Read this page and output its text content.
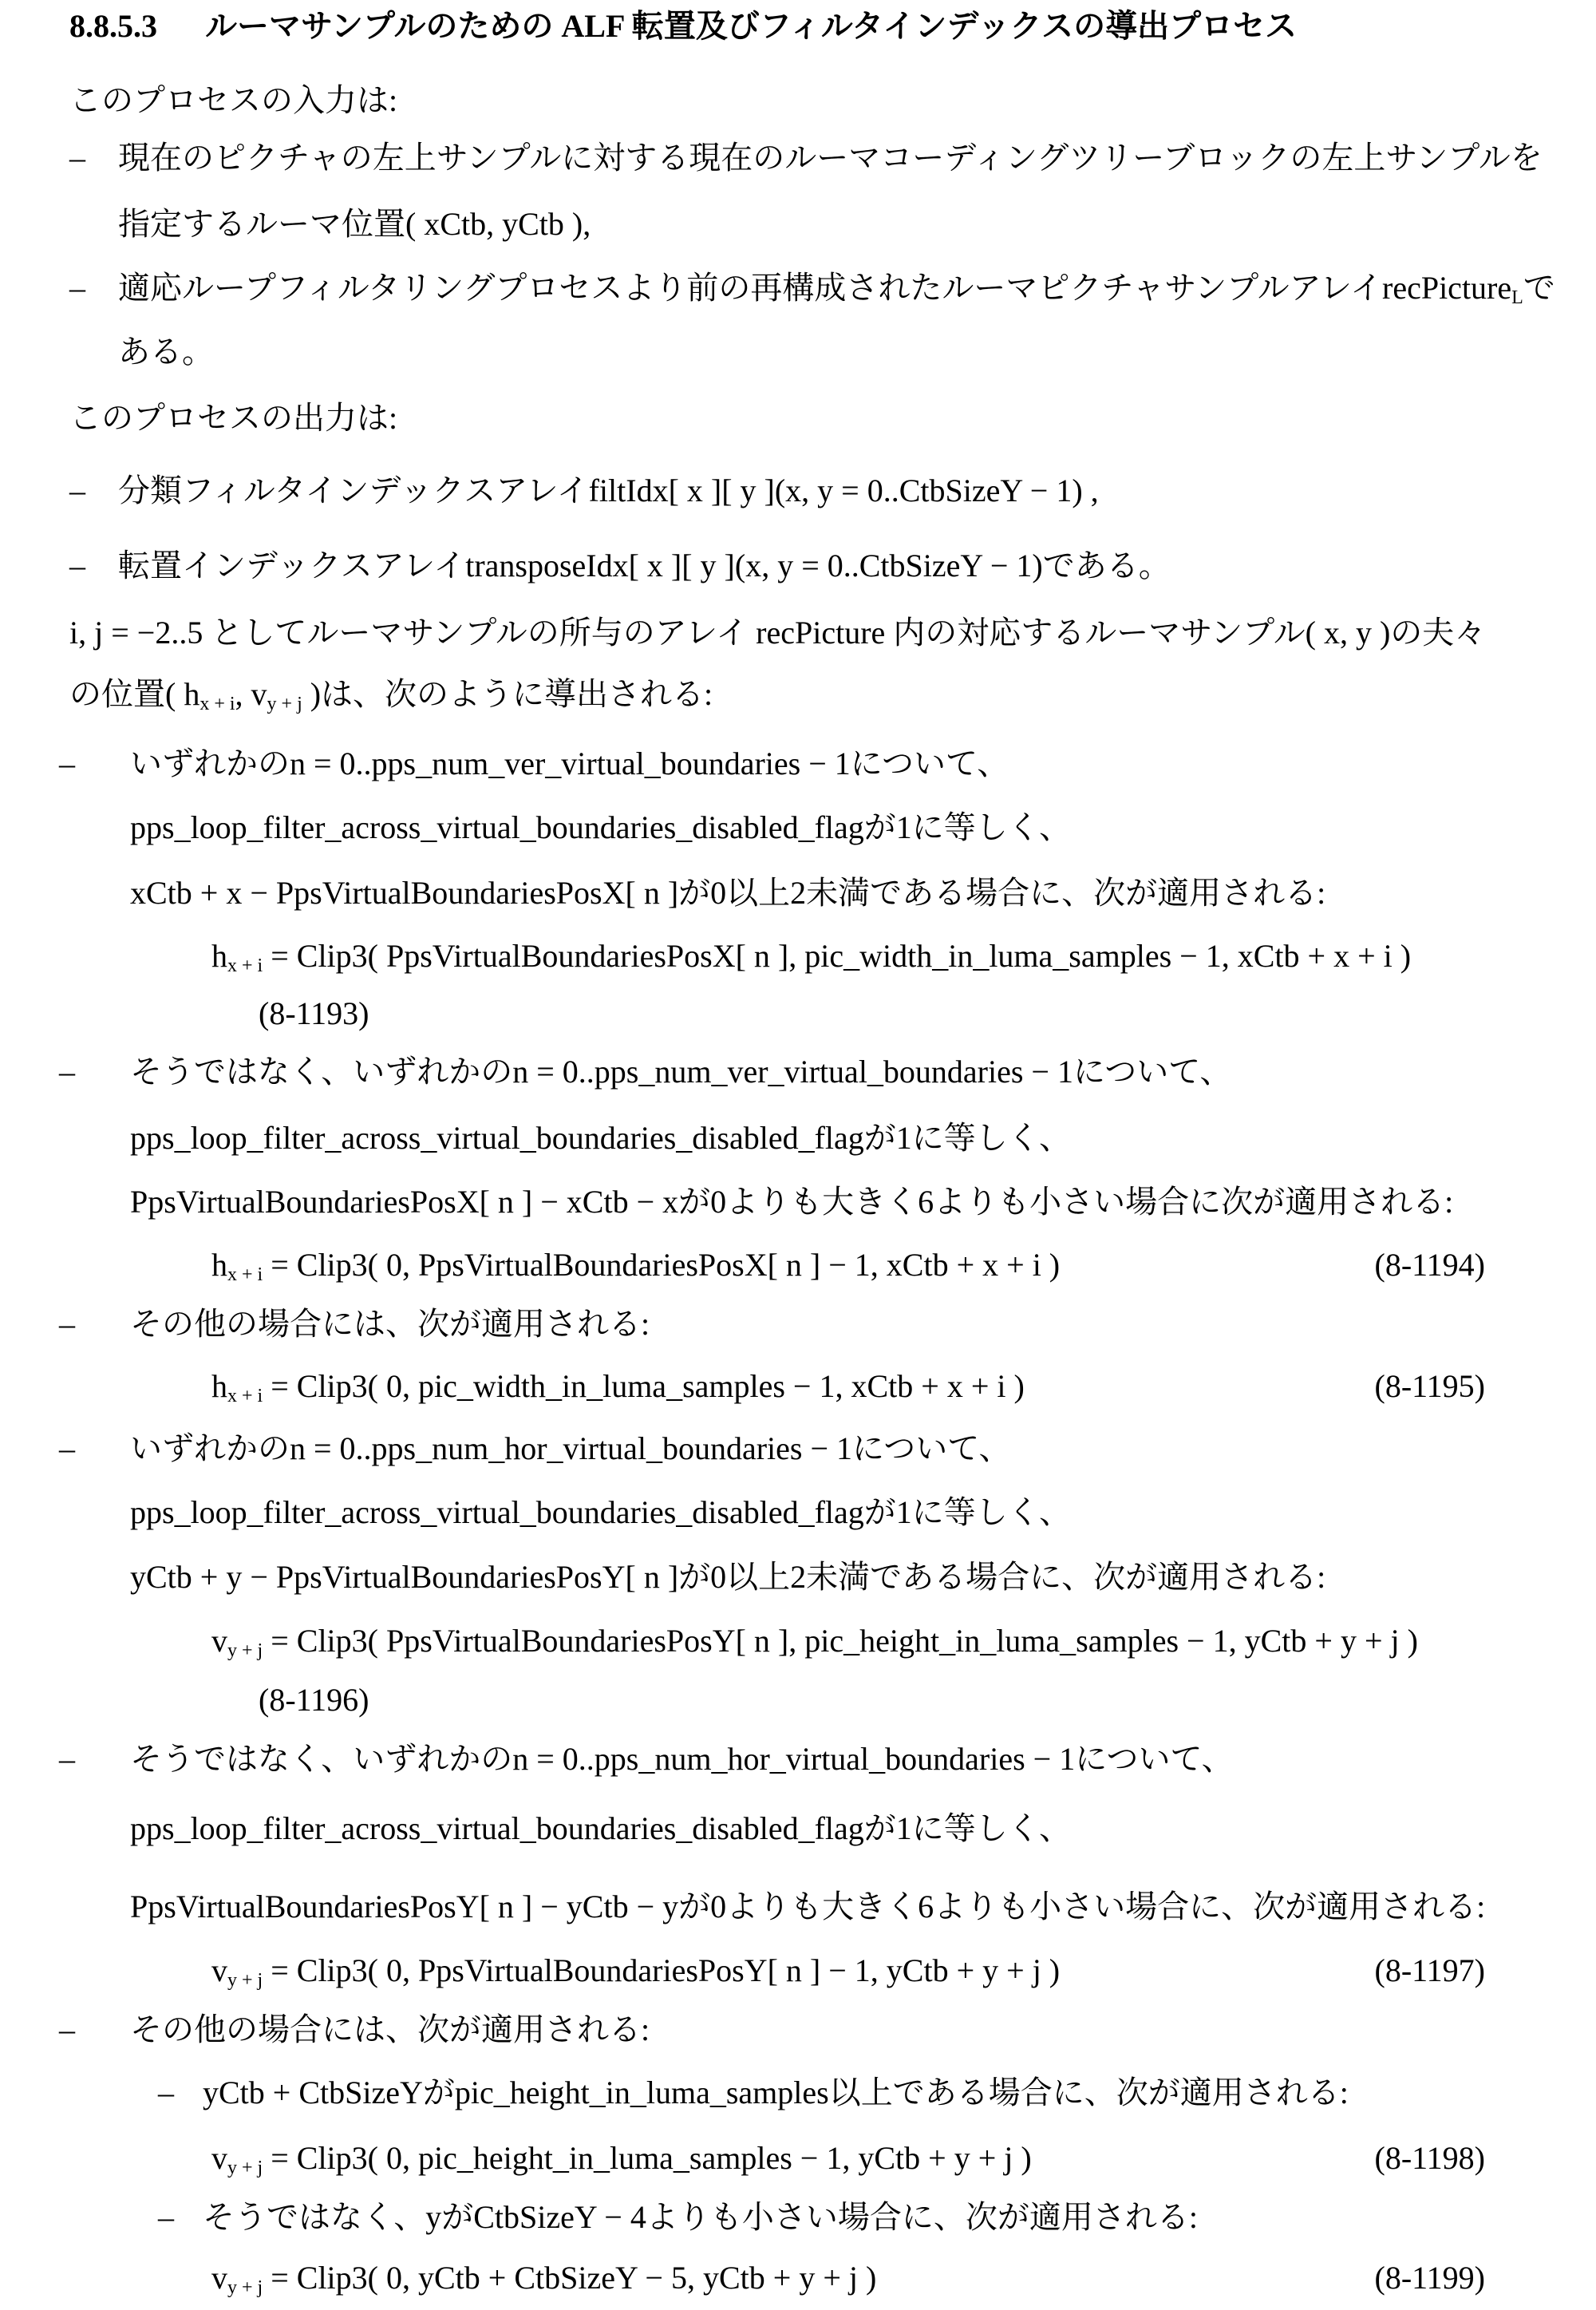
8.8.5.3 ルーマサンプルのための ALF 転置及びフィルタインデックスの導出プロセス
このプロセスの入力は:
– 現在のピクチャの左上サンプルに対する現在のルーマコーディングツリーブロックの左上サンプルを
指定するルーマ位置( xCtb, yCtb ),
– 適応ループフィルタリングプロセスより前の再構成されたルーマピクチャサンプルアレイrecPictureLで
ある。
このプロセスの出力は:
– 分類フィルタインデックスアレイfiltIdx[ x ][ y ](x, y = 0..CtbSizeY − 1) ,
– 転置インデックスアレイtransposeIdx[ x ][ y ](x, y = 0..CtbSizeY − 1)である。
i, j = −2..5 としてルーマサンプルの所与のアレイ recPicture 内の対応するルーマサンプル( x, y )の夫々
の位置( hx + i, vy + j )は、次のように導出される:
– いずれかのn = 0..pps_num_ver_virtual_boundaries − 1について、
pps_loop_filter_across_virtual_boundaries_disabled_flagが1に等しく、
xCtb + x − PpsVirtualBoundariesPosX[ n ]が0以上2未満である場合に、次が適用される:
hx + i = Clip3( PpsVirtualBoundariesPosX[ n ], pic_width_in_luma_samples − 1, xCtb + x + i )
(8-1193)
– そうではなく、いずれかのn = 0..pps_num_ver_virtual_boundaries − 1について、
pps_loop_filter_across_virtual_boundaries_disabled_flagが1に等しく、
PpsVirtualBoundariesPosX[ n ] − xCtb − xが0よりも大きく6よりも小さい場合に次が適用される:
hx + i = Clip3( 0, PpsVirtualBoundariesPosX[ n ] − 1, xCtb + x + i )	(8-1194)
– その他の場合には、次が適用される:
hx + i = Clip3( 0, pic_width_in_luma_samples − 1, xCtb + x + i )	(8-1195)
– いずれかのn = 0..pps_num_hor_virtual_boundaries − 1について、
pps_loop_filter_across_virtual_boundaries_disabled_flagが1に等しく、
yCtb + y − PpsVirtualBoundariesPosY[ n ]が0以上2未満である場合に、次が適用される:
vy + j = Clip3( PpsVirtualBoundariesPosY[ n ], pic_height_in_luma_samples − 1, yCtb + y + j )
(8-1196)
– そうではなく、いずれかのn = 0..pps_num_hor_virtual_boundaries − 1について、
pps_loop_filter_across_virtual_boundaries_disabled_flagが1に等しく、
PpsVirtualBoundariesPosY[ n ] − yCtb − yが0よりも大きく6よりも小さい場合に、次が適用される:
vy + j = Clip3( 0, PpsVirtualBoundariesPosY[ n ] − 1, yCtb + y + j )	(8-1197)
– その他の場合には、次が適用される:
– yCtb + CtbSizeYがpic_height_in_luma_samples以上である場合に、次が適用される:
vy + j = Clip3( 0, pic_height_in_luma_samples − 1, yCtb + y + j )	(8-1198)
– そうではなく、yがCtbSizeY − 4よりも小さい場合に、次が適用される:
vy + j = Clip3( 0, yCtb + CtbSizeY − 5, yCtb + y + j )	(8-1199)
